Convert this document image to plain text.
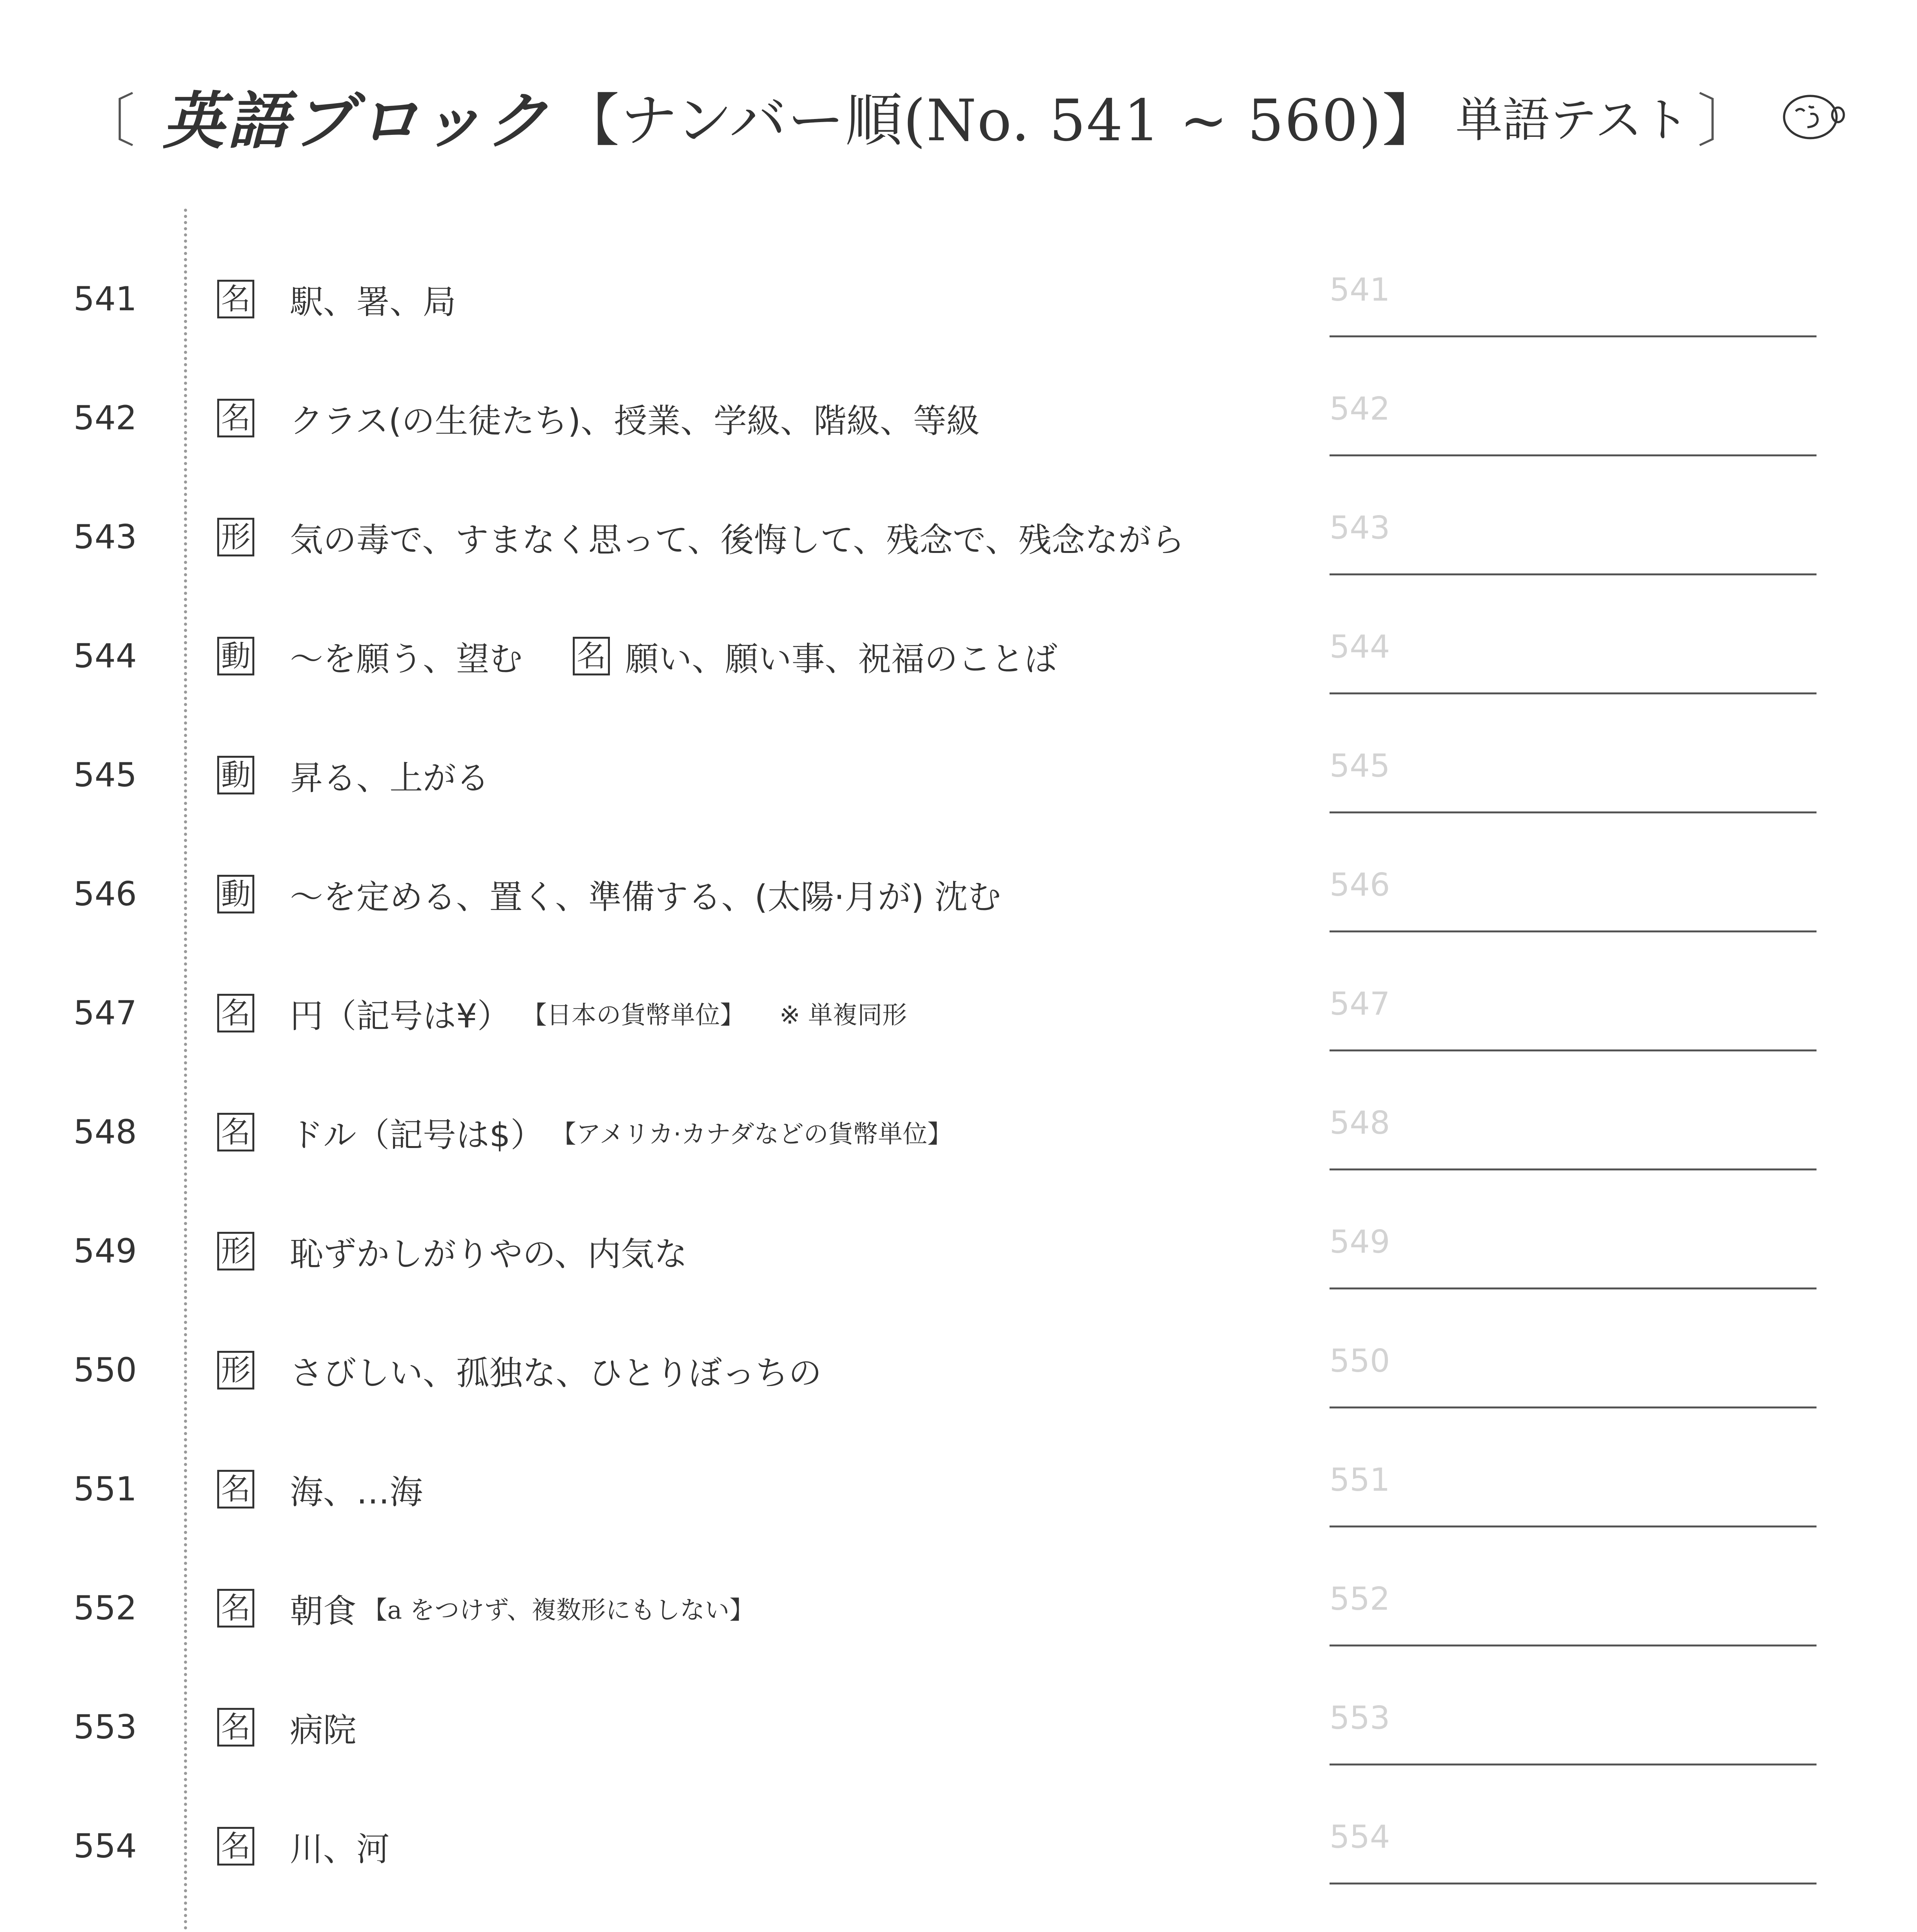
〔 英語ブロック 【ナンバー順(No. 541 ~ 560)】 単語テスト 〕
541	名 駅、署、局	541
542	名 クラス(の生徒たち)、授業、学級、階級、等級	542
543	形 気の毒で、すまなく思って、後悔して、残念で、残念ながら	543
544	動 〜を願う、望む 名 願い、願い事、祝福のことば	544
545	動 昇る、上がる	545
546	動 〜を定める、置く、準備する、(太陽·月が) 沈む	546
547	名 円（記号は¥） 【日本の貨幣単位】 ※ 単複同形	547
548	名 ドル（記号は$） 【アメリカ·カナダなどの貨幣単位】	548
549	形 恥ずかしがりやの、内気な	549
550	形 さびしい、孤独な、ひとりぼっちの	550
551	名 海、…海	551
552	名 朝食 【a をつけず、複数形にもしない】	552
553	名 病院	553
554	名 川、河	554
